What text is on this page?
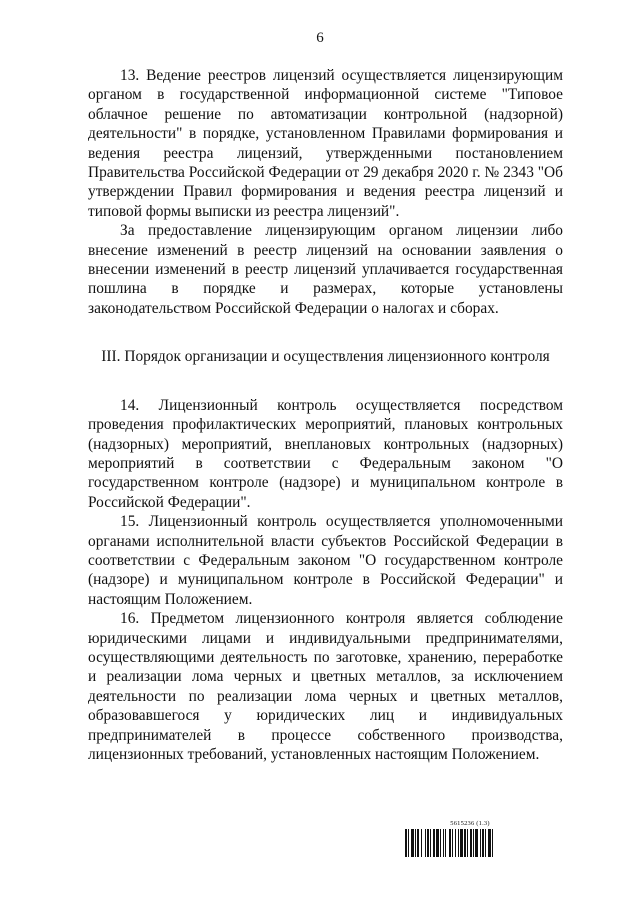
6

13. Ведение реестров лицензий осуществляется лицензирующим органом в государственной информационной системе "Типовое облачное решение по автоматизации контрольной (надзорной) деятельности" в порядке, установленном Правилами формирования и ведения реестра лицензий, утвержденными постановлением Правительства Российской Федерации от 29 декабря 2020 г. № 2343 "Об утверждении Правил формирования и ведения реестра лицензий и типовой формы выписки из реестра лицензий".

За предоставление лицензирующим органом лицензии либо внесение изменений в реестр лицензий на основании заявления о внесении изменений в реестр лицензий уплачивается государственная пошлина в порядке и размерах, которые установлены законодательством Российской Федерации о налогах и сборах.

III. Порядок организации и осуществления лицензионного контроля

14. Лицензионный контроль осуществляется посредством проведения профилактических мероприятий, плановых контрольных (надзорных) мероприятий, внеплановых контрольных (надзорных) мероприятий в соответствии с Федеральным законом "О государственном контроле (надзоре) и муниципальном контроле в Российской Федерации".

15. Лицензионный контроль осуществляется уполномоченными органами исполнительной власти субъектов Российской Федерации в соответствии с Федеральным законом "О государственном контроле (надзоре) и муниципальном контроле в Российской Федерации" и настоящим Положением.

16. Предметом лицензионного контроля является соблюдение юридическими лицами и индивидуальными предпринимателями, осуществляющими деятельность по заготовке, хранению, переработке и реализации лома черных и цветных металлов, за исключением деятельности по реализации лома черных и цветных металлов, образовавшегося у юридических лиц и индивидуальных предпринимателей в процессе собственного производства, лицензионных требований, установленных настоящим Положением.

5615236 (1.3)
